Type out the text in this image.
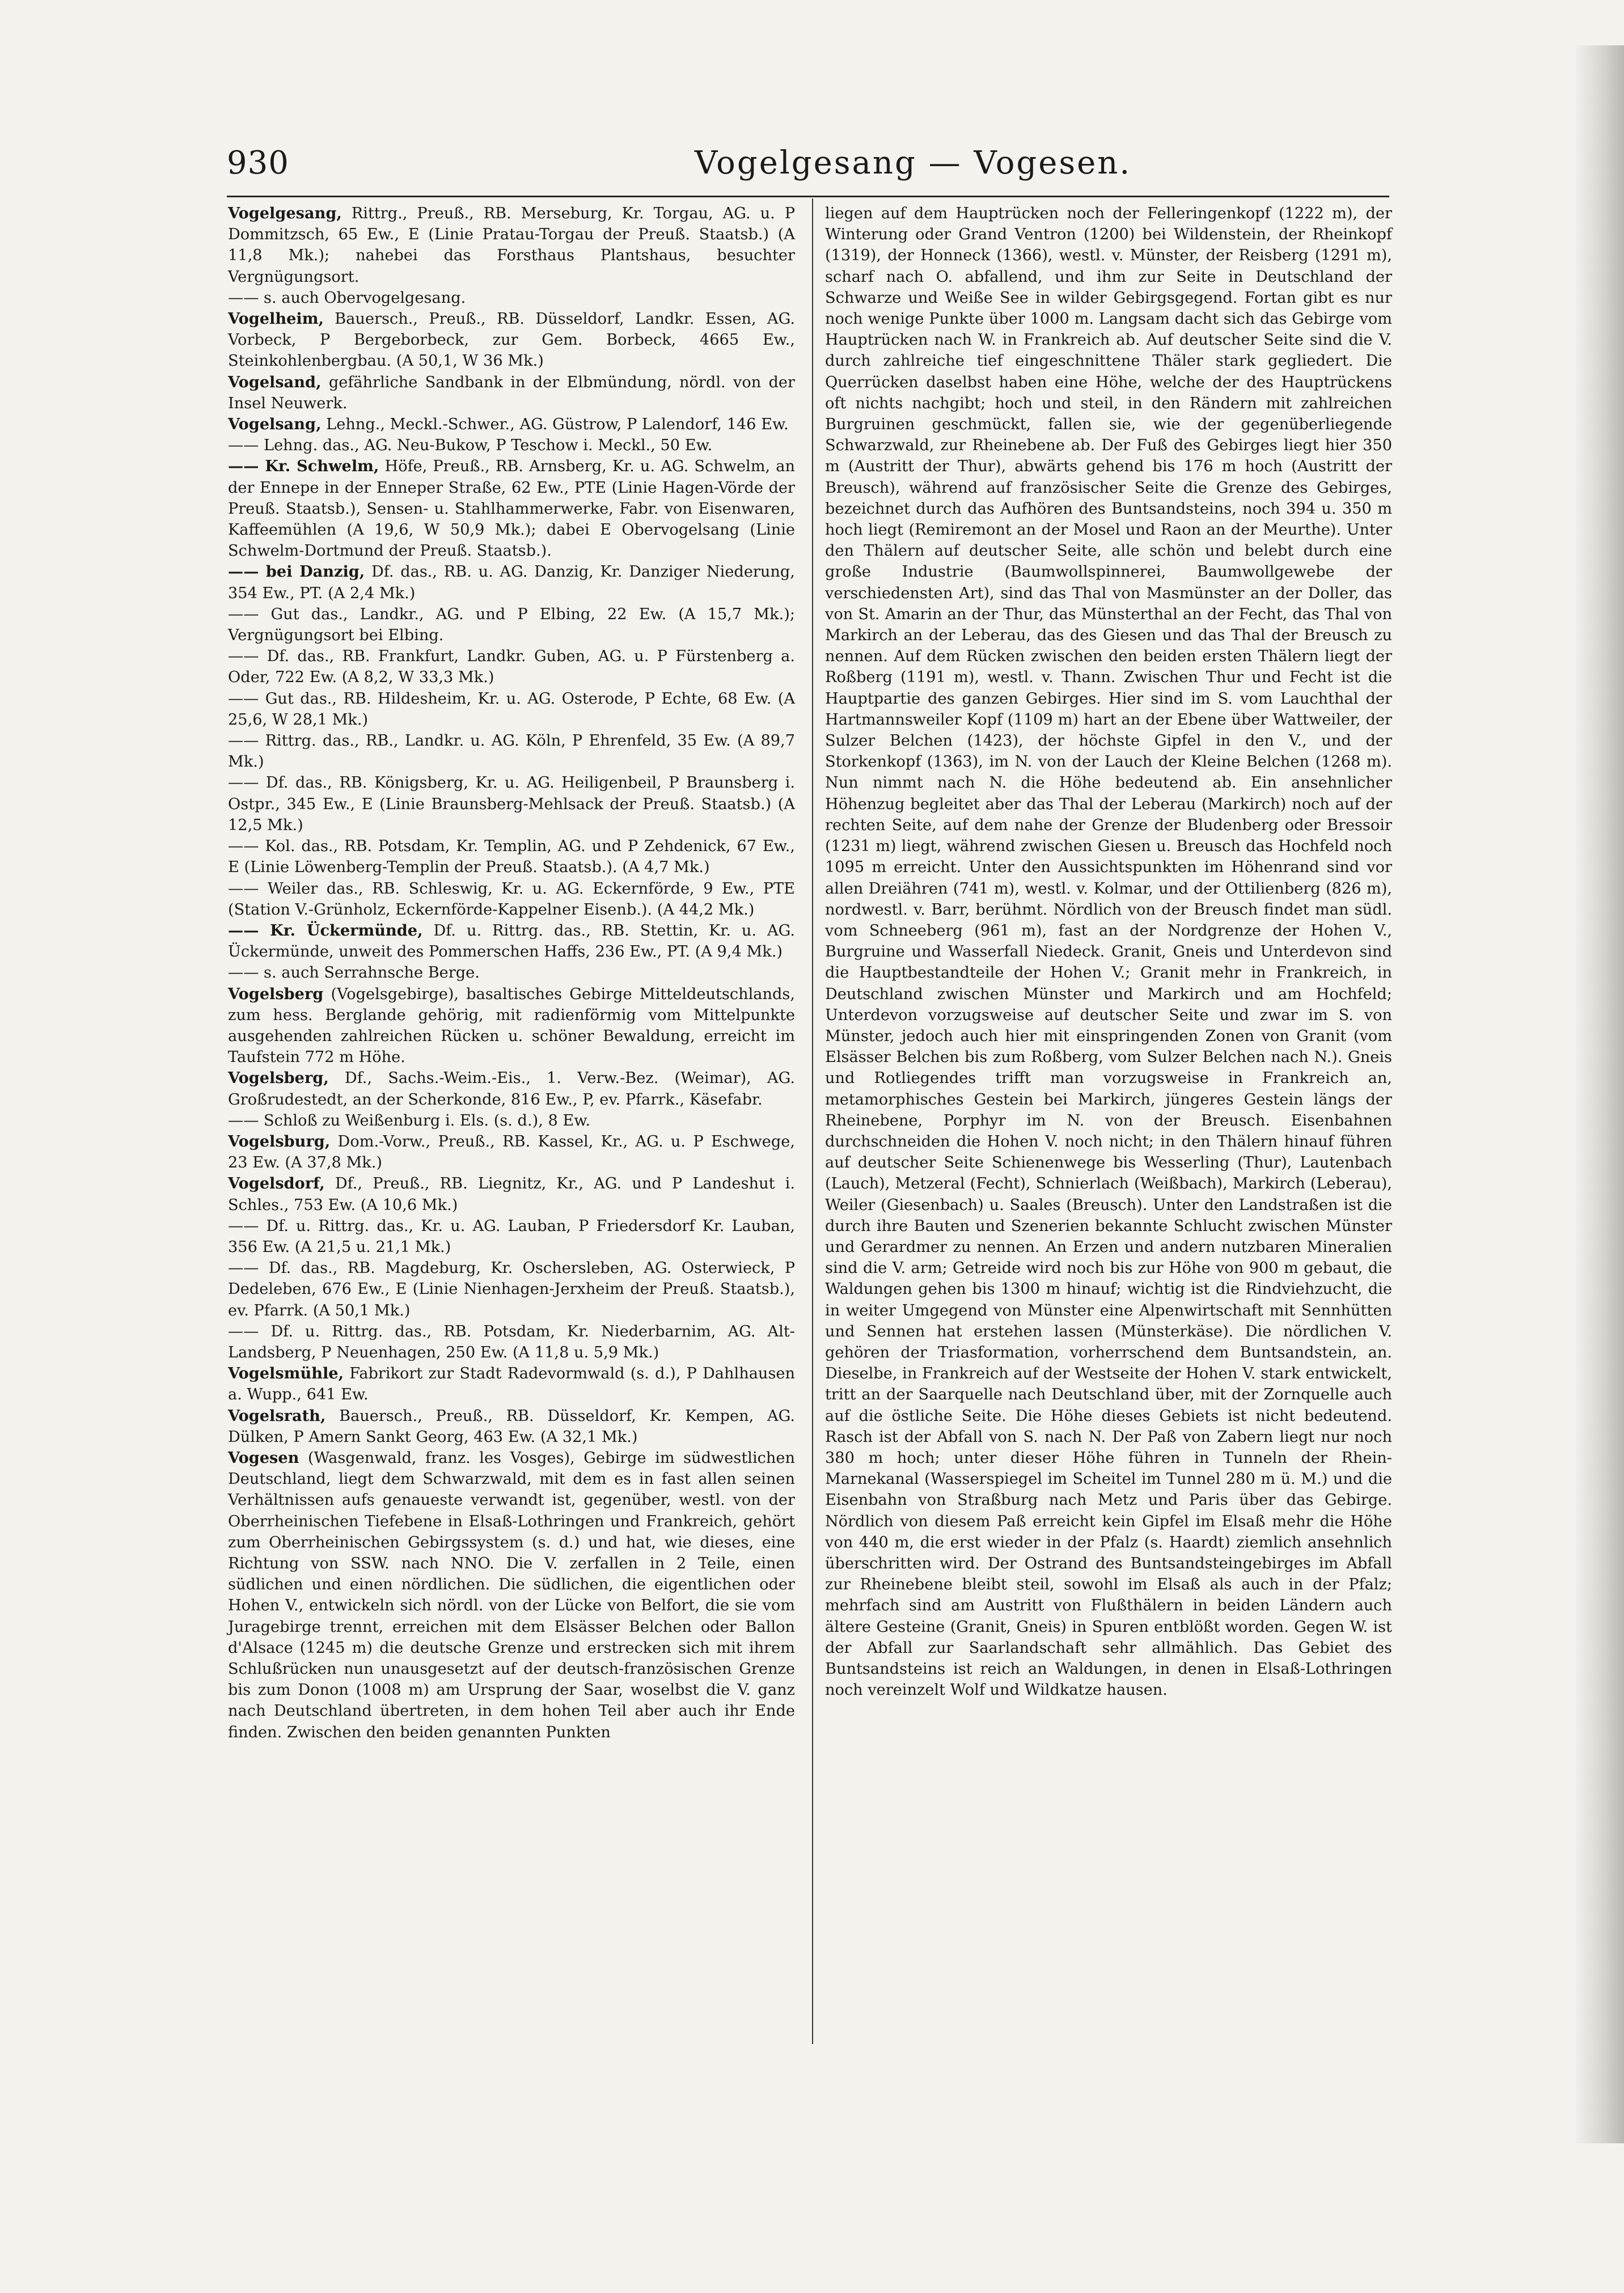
930	Vogelgesang — Vogesen.

Vogelgesang, Rittrg., Preuß., RB. Merseburg, Kr. Torgau, AG. u. P Dommitzsch, 65 Ew., E (Linie Pratau-Torgau der Preuß. Staatsb.) (A 11,8 Mk.); nahebei das Forsthaus Plantshaus, besuchter Vergnügungsort.

—— s. auch Obervogelgesang.

Vogelheim, Bauersch., Preuß., RB. Düsseldorf, Landkr. Essen, AG. Vorbeck, P Bergeborbeck, zur Gem. Borbeck, 4665 Ew., Steinkohlenbergbau. (A 50,1, W 36 Mk.)

Vogelsand, gefährliche Sandbank in der Elbmündung, nördl. von der Insel Neuwerk.

Vogelsang, Lehng., Meckl.-Schwer., AG. Güstrow, P Lalendorf, 146 Ew.

—— Lehng. das., AG. Neu-Bukow, P Teschow i. Meckl., 50 Ew.

—— Kr. Schwelm, Höfe, Preuß., RB. Arnsberg, Kr. u. AG. Schwelm, an der Ennepe in der Enneper Straße, 62 Ew., PTE (Linie Hagen-Vörde der Preuß. Staatsb.), Sensen- u. Stahlhammerwerke, Fabr. von Eisenwaren, Kaffeemühlen (A 19,6, W 50,9 Mk.); dabei E Obervogelsang (Linie Schwelm-Dortmund der Preuß. Staatsb.).

—— bei Danzig, Df. das., RB. u. AG. Danzig, Kr. Danziger Niederung, 354 Ew., PT. (A 2,4 Mk.)

—— Gut das., Landkr., AG. und P Elbing, 22 Ew. (A 15,7 Mk.); Vergnügungsort bei Elbing.

—— Df. das., RB. Frankfurt, Landkr. Guben, AG. u. P Fürstenberg a. Oder, 722 Ew. (A 8,2, W 33,3 Mk.)

—— Gut das., RB. Hildesheim, Kr. u. AG. Osterode, P Echte, 68 Ew. (A 25,6, W 28,1 Mk.)

—— Rittrg. das., RB., Landkr. u. AG. Köln, P Ehrenfeld, 35 Ew. (A 89,7 Mk.)

—— Df. das., RB. Königsberg, Kr. u. AG. Heiligenbeil, P Braunsberg i. Ostpr., 345 Ew., E (Linie Braunsberg-Mehlsack der Preuß. Staatsb.) (A 12,5 Mk.)

—— Kol. das., RB. Potsdam, Kr. Templin, AG. und P Zehdenick, 67 Ew., E (Linie Löwenberg-Templin der Preuß. Staatsb.). (A 4,7 Mk.)

—— Weiler das., RB. Schleswig, Kr. u. AG. Eckernförde, 9 Ew., PTE (Station V.-Grünholz, Eckernförde-Kappelner Eisenb.). (A 44,2 Mk.)

—— Kr. Ückermünde, Df. u. Rittrg. das., RB. Stettin, Kr. u. AG. Ückermünde, unweit des Pommerschen Haffs, 236 Ew., PT. (A 9,4 Mk.)

—— s. auch Serrahnsche Berge.

Vogelsberg (Vogelsgebirge), basaltisches Gebirge Mitteldeutschlands, zum hess. Berglande gehörig, mit radienförmig vom Mittelpunkte ausgehenden zahlreichen Rücken u. schöner Bewaldung, erreicht im Taufstein 772 m Höhe.

Vogelsberg, Df., Sachs.-Weim.-Eis., 1. Verw.-Bez. (Weimar), AG. Großrudestedt, an der Scherkonde, 816 Ew., P, ev. Pfarrk., Käsefabr.

—— Schloß zu Weißenburg i. Els. (s. d.), 8 Ew.

Vogelsburg, Dom.-Vorw., Preuß., RB. Kassel, Kr., AG. u. P Eschwege, 23 Ew. (A 37,8 Mk.)

Vogelsdorf, Df., Preuß., RB. Liegnitz, Kr., AG. und P Landeshut i. Schles., 753 Ew. (A 10,6 Mk.)

—— Df. u. Rittrg. das., Kr. u. AG. Lauban, P Friedersdorf Kr. Lauban, 356 Ew. (A 21,5 u. 21,1 Mk.)

—— Df. das., RB. Magdeburg, Kr. Oschersleben, AG. Osterwieck, P Dedeleben, 676 Ew., E (Linie Nienhagen-Jerxheim der Preuß. Staatsb.), ev. Pfarrk. (A 50,1 Mk.)

—— Df. u. Rittrg. das., RB. Potsdam, Kr. Niederbarnim, AG. Alt-Landsberg, P Neuenhagen, 250 Ew. (A 11,8 u. 5,9 Mk.)

Vogelsmühle, Fabrikort zur Stadt Radevormwald (s. d.), P Dahlhausen a. Wupp., 641 Ew.

Vogelsrath, Bauersch., Preuß., RB. Düsseldorf, Kr. Kempen, AG. Dülken, P Amern Sankt Georg, 463 Ew. (A 32,1 Mk.)

Vogesen (Wasgenwald, franz. les Vosges), Gebirge im südwestlichen Deutschland, liegt dem Schwarzwald, mit dem es in fast allen seinen Verhältnissen aufs genaueste verwandt ist, gegenüber, westl. von der Oberrheinischen Tiefebene in Elsaß-Lothringen und Frankreich, gehört zum Oberrheinischen Gebirgssystem (s. d.) und hat, wie dieses, eine Richtung von SSW. nach NNO. Die V. zerfallen in 2 Teile, einen südlichen und einen nördlichen. Die südlichen, die eigentlichen oder Hohen V., entwickeln sich nördl. von der Lücke von Belfort, die sie vom Juragebirge trennt, erreichen mit dem Elsässer Belchen oder Ballon d'Alsace (1245 m) die deutsche Grenze und erstrecken sich mit ihrem Schlußrücken nun unausgesetzt auf der deutsch-französischen Grenze bis zum Donon (1008 m) am Ursprung der Saar, woselbst die V. ganz nach Deutschland übertreten, in dem hohen Teil aber auch ihr Ende finden. Zwischen den beiden genannten Punkten

liegen auf dem Hauptrücken noch der Felleringenkopf (1222 m), der Winterung oder Grand Ventron (1200) bei Wildenstein, der Rheinkopf (1319), der Honneck (1366), westl. v. Münster, der Reisberg (1291 m), scharf nach O. abfallend, und ihm zur Seite in Deutschland der Schwarze und Weiße See in wilder Gebirgsgegend. Fortan gibt es nur noch wenige Punkte über 1000 m. Langsam dacht sich das Gebirge vom Hauptrücken nach W. in Frankreich ab. Auf deutscher Seite sind die V. durch zahlreiche tief eingeschnittene Thäler stark gegliedert. Die Querrücken daselbst haben eine Höhe, welche der des Hauptrückens oft nichts nachgibt; hoch und steil, in den Rändern mit zahlreichen Burgruinen geschmückt, fallen sie, wie der gegenüberliegende Schwarzwald, zur Rheinebene ab. Der Fuß des Gebirges liegt hier 350 m (Austritt der Thur), abwärts gehend bis 176 m hoch (Austritt der Breusch), während auf französischer Seite die Grenze des Gebirges, bezeichnet durch das Aufhören des Buntsandsteins, noch 394 u. 350 m hoch liegt (Remiremont an der Mosel und Raon an der Meurthe). Unter den Thälern auf deutscher Seite, alle schön und belebt durch eine große Industrie (Baumwollspinnerei, Baumwollgewebe der verschiedensten Art), sind das Thal von Masmünster an der Doller, das von St. Amarin an der Thur, das Münsterthal an der Fecht, das Thal von Markirch an der Leberau, das des Giesen und das Thal der Breusch zu nennen. Auf dem Rücken zwischen den beiden ersten Thälern liegt der Roßberg (1191 m), westl. v. Thann. Zwischen Thur und Fecht ist die Hauptpartie des ganzen Gebirges. Hier sind im S. vom Lauchthal der Hartmannsweiler Kopf (1109 m) hart an der Ebene über Wattweiler, der Sulzer Belchen (1423), der höchste Gipfel in den V., und der Storkenkopf (1363), im N. von der Lauch der Kleine Belchen (1268 m). Nun nimmt nach N. die Höhe bedeutend ab. Ein ansehnlicher Höhenzug begleitet aber das Thal der Leberau (Markirch) noch auf der rechten Seite, auf dem nahe der Grenze der Bludenberg oder Bressoir (1231 m) liegt, während zwischen Giesen u. Breusch das Hochfeld noch 1095 m erreicht. Unter den Aussichtspunkten im Höhenrand sind vor allen Dreiähren (741 m), westl. v. Kolmar, und der Ottilienberg (826 m), nordwestl. v. Barr, berühmt. Nördlich von der Breusch findet man südl. vom Schneeberg (961 m), fast an der Nordgrenze der Hohen V., Burgruine und Wasserfall Niedeck. Granit, Gneis und Unterdevon sind die Hauptbestandteile der Hohen V.; Granit mehr in Frankreich, in Deutschland zwischen Münster und Markirch und am Hochfeld; Unterdevon vorzugsweise auf deutscher Seite und zwar im S. von Münster, jedoch auch hier mit einspringenden Zonen von Granit (vom Elsässer Belchen bis zum Roßberg, vom Sulzer Belchen nach N.). Gneis und Rotliegendes trifft man vorzugsweise in Frankreich an, metamorphisches Gestein bei Markirch, jüngeres Gestein längs der Rheinebene, Porphyr im N. von der Breusch. Eisenbahnen durchschneiden die Hohen V. noch nicht; in den Thälern hinauf führen auf deutscher Seite Schienenwege bis Wesserling (Thur), Lautenbach (Lauch), Metzeral (Fecht), Schnierlach (Weißbach), Markirch (Leberau), Weiler (Giesenbach) u. Saales (Breusch). Unter den Landstraßen ist die durch ihre Bauten und Szenerien bekannte Schlucht zwischen Münster und Gerardmer zu nennen. An Erzen und andern nutzbaren Mineralien sind die V. arm; Getreide wird noch bis zur Höhe von 900 m gebaut, die Waldungen gehen bis 1300 m hinauf; wichtig ist die Rindviehzucht, die in weiter Umgegend von Münster eine Alpenwirtschaft mit Sennhütten und Sennen hat erstehen lassen (Münsterkäse). Die nördlichen V. gehören der Triasformation, vorherrschend dem Buntsandstein, an. Dieselbe, in Frankreich auf der Westseite der Hohen V. stark entwickelt, tritt an der Saarquelle nach Deutschland über, mit der Zornquelle auch auf die östliche Seite. Die Höhe dieses Gebiets ist nicht bedeutend. Rasch ist der Abfall von S. nach N. Der Paß von Zabern liegt nur noch 380 m hoch; unter dieser Höhe führen in Tunneln der Rhein-Marnekanal (Wasserspiegel im Scheitel im Tunnel 280 m ü. M.) und die Eisenbahn von Straßburg nach Metz und Paris über das Gebirge. Nördlich von diesem Paß erreicht kein Gipfel im Elsaß mehr die Höhe von 440 m, die erst wieder in der Pfalz (s. Haardt) ziemlich ansehnlich überschritten wird. Der Ostrand des Buntsandsteingebirges im Abfall zur Rheinebene bleibt steil, sowohl im Elsaß als auch in der Pfalz; mehrfach sind am Austritt von Flußthälern in beiden Ländern auch ältere Gesteine (Granit, Gneis) in Spuren entblößt worden. Gegen W. ist der Abfall zur Saarlandschaft sehr allmählich. Das Gebiet des Buntsandsteins ist reich an Waldungen, in denen in Elsaß-Lothringen noch vereinzelt Wolf und Wildkatze hausen.
